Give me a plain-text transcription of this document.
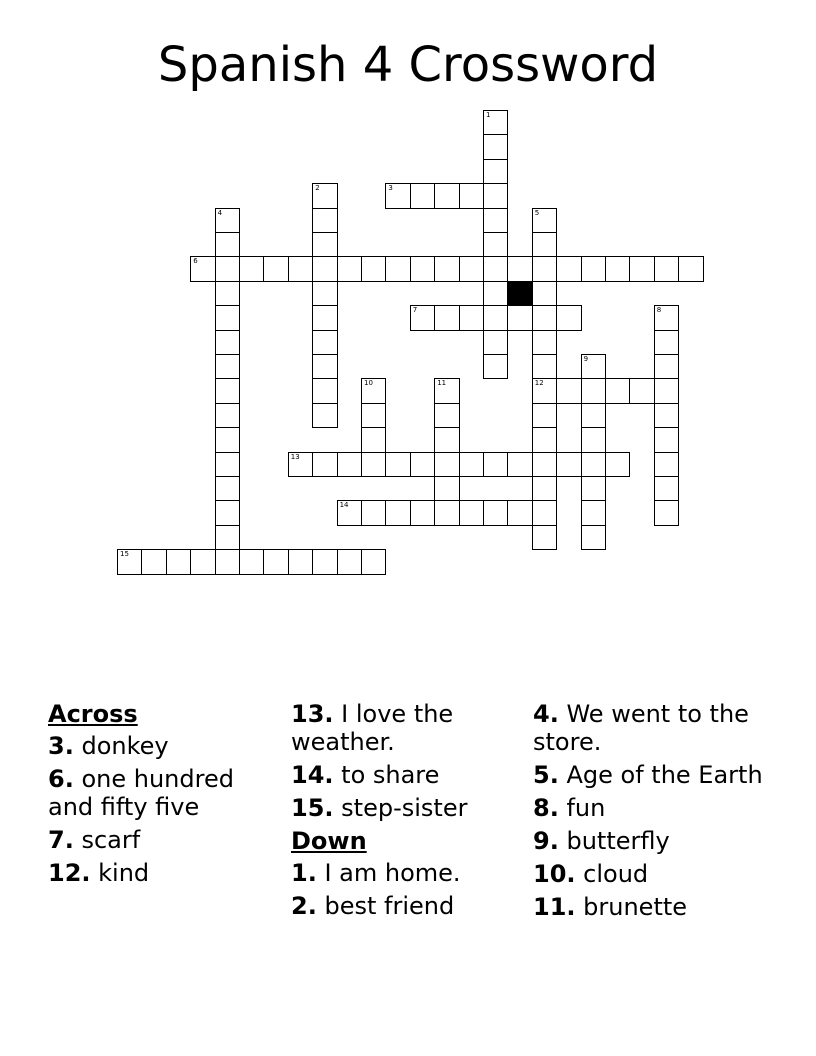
Spanish 4 Crossword
1
2
4	5
12
8
9
10	11
3
6
7
13
14
15
Across
3. donkey
6. one hundred and fifty five
7. scarf
12. kind
13. I love the weather.
14. to share
15. step-sister
Down
1. I am home.
2. best friend
4. We went to the store.
5. Age of the Earth
8. fun
9. butterfly
10. cloud
11. brunette
